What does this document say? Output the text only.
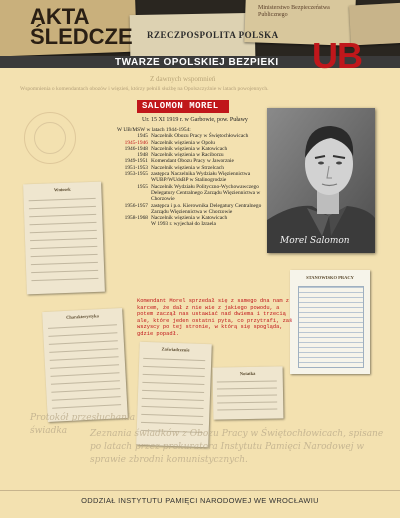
AKTA
ŚLEDCZE RZECZPOSPOLITA POLSKA
Ministerstwo Bezpieczeństwa Publicznego
TWARZE OPOLSKIEJ BEZPIEKI UB
Z dawnych wspomnień
Wspomnienia o komendantach obozów i więzień, którzy pełnili służbę na Opolszczyźnie w latach powojennych.
SALOMON MOREL
Ur. 15 XI 1919 r. w Garbowie, pow. Puławy
W UB/MSW w latach 1944-1954:
1945 Naczelnik Obozu Pracy w Świętochłowicach
1945-1946 Naczelnik więzienia w Opolu
1946-1948 Naczelnik więzienia w Katowicach
1948 Naczelnik więzienia w Raciborzu
1949-1951 Komendant Obozu Pracy w Jaworznie
1951-1953 Naczelnik więzienia w Strzelcach
1953-1955 zastępca Naczelnika Wydziału Więziennictwa WUBP/WUdsBP w Stalinogrodzie
1955 Naczelnik Wydziału Polityczno-Wychowawczego Delegatury Centralnego Zarządu Więziennictwa w Chorzowie
1956-1957 zastępca i p.o. Kierownika Delegatury Centralnego Zarządu Więziennictwa w Chorzowie
1958-1968 Naczelnik więzienia w Katowicach
W 1993 r. wyjechał do Izraela
Morel Salomon
Wniosek
Charakterystyka
Zaświadczenie
Notatka
STANOWISKO PRACY
Komendant Morel sprzedał się z samego dna nam z karcem, że dał z nie wie z jakiego powodu, a potem zaczął nas ustawiać nad dwiema i trzecią ale, które jeden ostatni pyta, co przytrafi, zaś wszyscy po tej stronie, w którą się spogląda, gdzie popadł.
Protokół przesłuchania świadka	Zeznania świadków z Obozu Pracy w Świętochłowicach, spisane po latach przez prokuratora Instytutu Pamięci Narodowej w sprawie zbrodni komunistycznych.
ODDZIAŁ INSTYTUTU PAMIĘCI NARODOWEJ WE WROCŁAWIU
